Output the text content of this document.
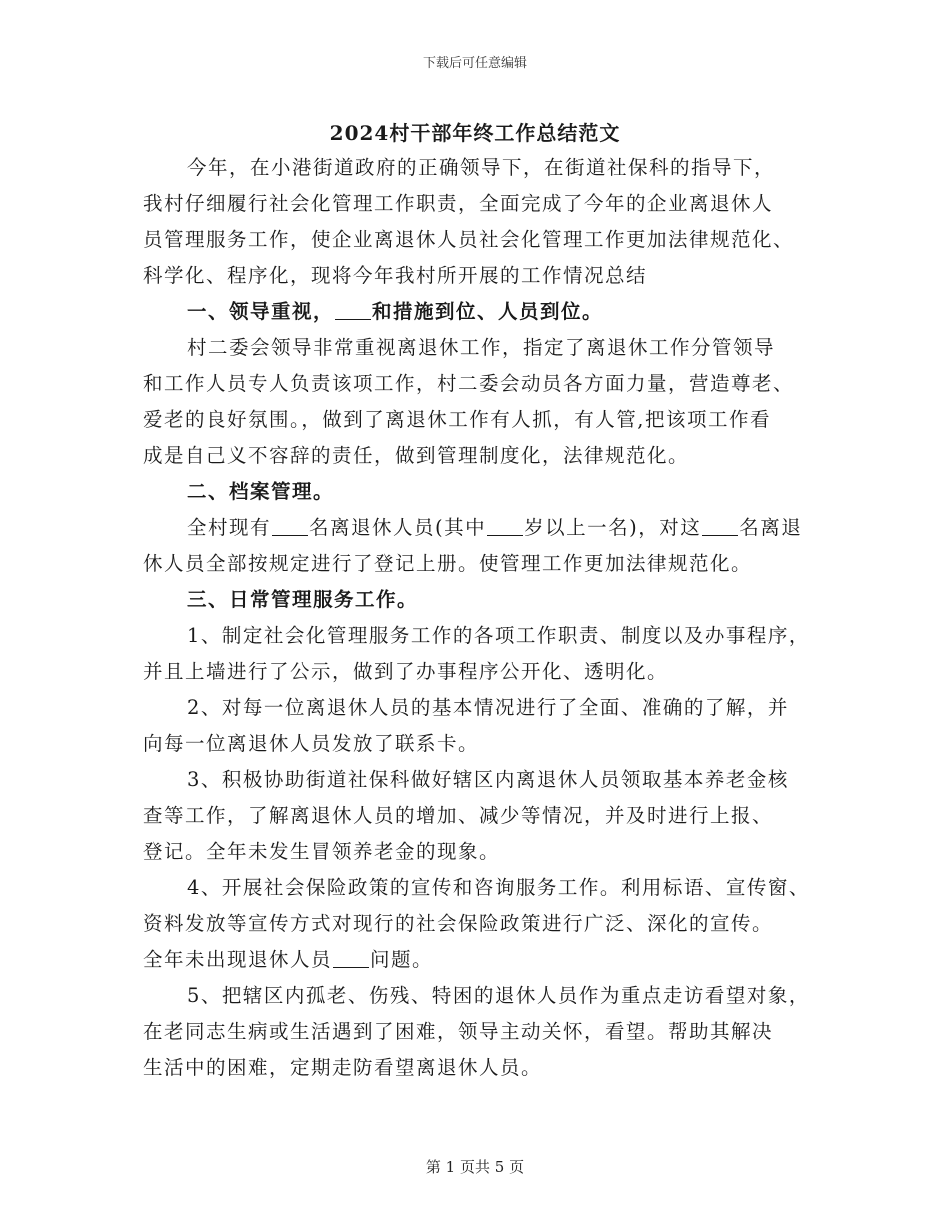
下载后可任意编辑
2024村干部年终工作总结范文
今年，在小港街道政府的正确领导下，在街道社保科的指导下，
我村仔细履行社会化管理工作职责，全面完成了今年的企业离退休人
员管理服务工作，使企业离退休人员社会化管理工作更加法律规范化、
科学化、程序化，现将今年我村所开展的工作情况总结
一、领导重视， 和措施到位、人员到位。
村二委会领导非常重视离退休工作，指定了离退休工作分管领导
和工作人员专人负责该项工作，村二委会动员各方面力量，营造尊老、
爱老的良好氛围。，做到了离退休工作有人抓，有人管,把该项工作看
成是自己义不容辞的责任，做到管理制度化，法律规范化。
二、档案管理。
全村现有 名离退休人员(其中 岁以上一名)，对这 名离退
休人员全部按规定进行了登记上册。使管理工作更加法律规范化。
三、日常管理服务工作。
1、制定社会化管理服务工作的各项工作职责、制度以及办事程序，
并且上墙进行了公示，做到了办事程序公开化、透明化。
2、对每一位离退休人员的基本情况进行了全面、准确的了解，并
向每一位离退休人员发放了联系卡。
3、积极协助街道社保科做好辖区内离退休人员领取基本养老金核
查等工作，了解离退休人员的增加、减少等情况，并及时进行上报、
登记。全年未发生冒领养老金的现象。
4、开展社会保险政策的宣传和咨询服务工作。利用标语、宣传窗、
资料发放等宣传方式对现行的社会保险政策进行广泛、深化的宣传。
全年未出现退休人员 问题。
5、把辖区内孤老、伤残、特困的退休人员作为重点走访看望对象，
在老同志生病或生活遇到了困难，领导主动关怀，看望。帮助其解决
生活中的困难，定期走防看望离退休人员。
第 1 页共 5 页
